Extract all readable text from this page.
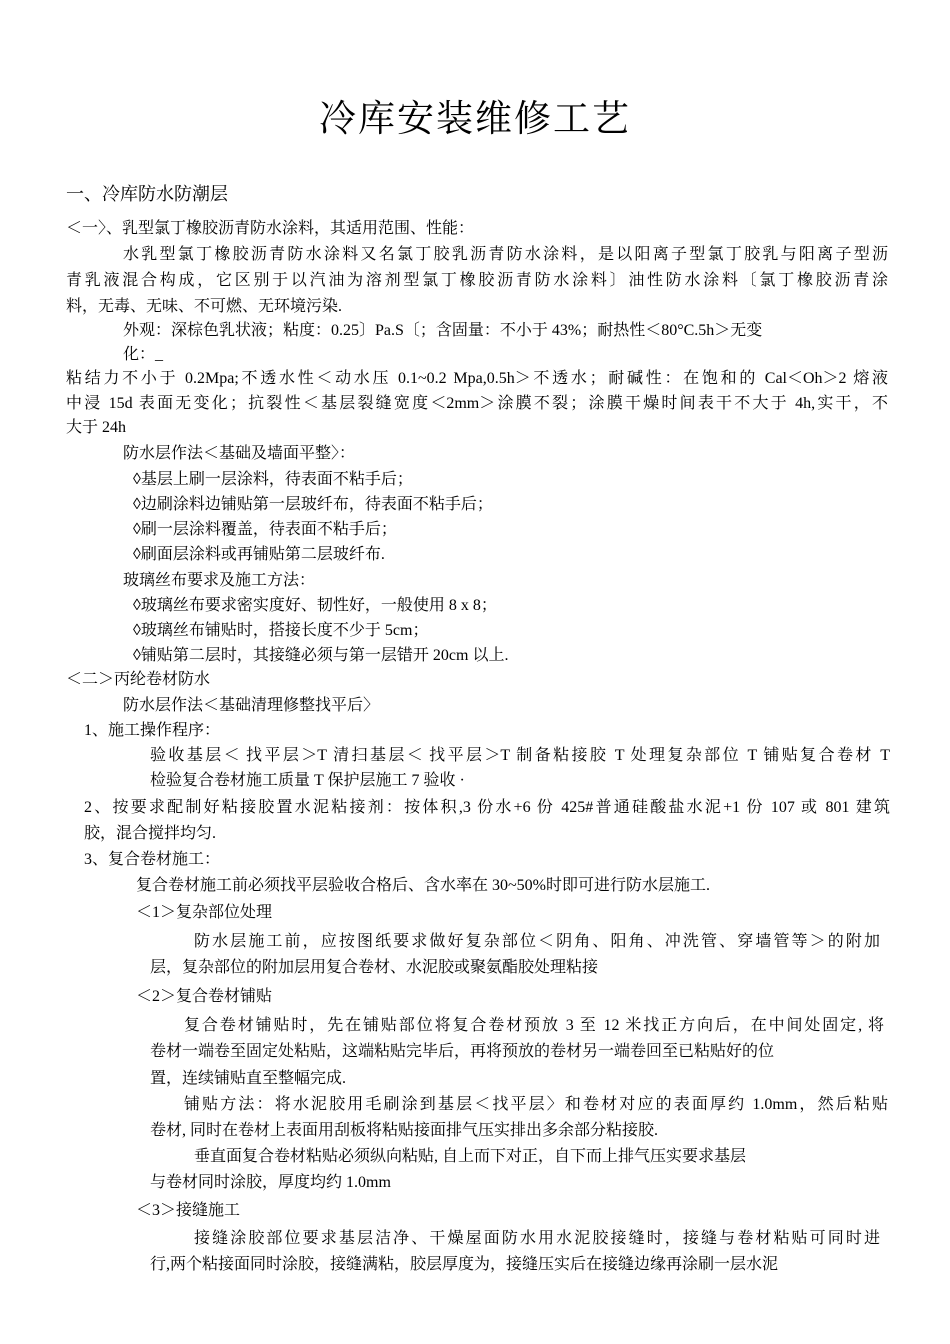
冷库安装维修工艺
一、冷库防水防潮层
＜一〉、乳型氯丁橡胶沥青防水涂料，其适用范围、性能：
水乳型氯丁橡胶沥青防水涂料又名氯丁胶乳沥青防水涂料，是以阳离子型氯丁胶乳与阳离子型沥
青乳液混合构成，它区别于以汽油为溶剂型氯丁橡胶沥青防水涂料〕油性防水涂料〔氯丁橡胶沥青涂
料，无毒、无味、不可燃、无环境污染.
外观：深棕色乳状液；粘度：0.25〕Pa.S〔；含固量：不小于 43%；耐热性＜80°C.5h＞无变
化：_
粘结力不小于 0.2Mpa;不透水性＜动水压 0.1~0.2 Mpa,0.5h＞不透水；耐碱性：在饱和的 Cal＜Oh＞2 熔液
中浸 15d 表面无变化；抗裂性＜基层裂缝宽度＜2mm＞涂膜不裂；涂膜干燥时间表干不大于 4h,实干，不
大于 24h
防水层作法＜基础及墙面平整〉：
◊基层上刷一层涂料，待表面不粘手后；
◊边刷涂料边铺贴第一层玻纤布，待表面不粘手后；
◊刷一层涂料覆盖，待表面不粘手后；
◊刷面层涂料或再铺贴第二层玻纤布.
玻璃丝布要求及施工方法：
◊玻璃丝布要求密实度好、韧性好，一般使用 8 x 8；
◊玻璃丝布铺贴时，搭接长度不少于 5cm；
◊铺贴第二层时，其接缝必须与第一层错开 20cm 以上.
＜二＞丙纶卷材防水
防水层作法＜基础清理修整找平后〉
1、施工操作程序：
验收基层＜ 找平层＞T 清扫基层＜ 找平层＞T 制备粘接胶 T 处理复杂部位 T 铺贴复合卷材 T
检验复合卷材施工质量 T 保护层施工 7 验收 ·
2、按要求配制好粘接胶置水泥粘接剂：按体积,3 份水+6 份 425#普通硅酸盐水泥+1 份 107 或 801 建筑
胶，混合搅拌均匀.
3、复合卷材施工：
复合卷材施工前必须找平层验收合格后、含水率在 30~50%时即可进行防水层施工.
＜1＞复杂部位处理
防水层施工前，应按图纸要求做好复杂部位＜阴角、阳角、冲洗管、穿墙管等＞的附加
层，复杂部位的附加层用复合卷材、水泥胶或聚氨酯胶处理粘接
＜2＞复合卷材铺贴
复合卷材铺贴时，先在铺贴部位将复合卷材预放 3 至 12 米找正方向后，在中间处固定, 将
卷材一端卷至固定处粘贴，这端粘贴完毕后，再将预放的卷材另一端卷回至已粘贴好的位
置，连续铺贴直至整幅完成.
铺贴方法：将水泥胶用毛刷涂到基层＜找平层〉和卷材对应的表面厚约 1.0mm，然后粘贴
卷材, 同时在卷材上表面用刮板将粘贴接面排气压实排出多余部分粘接胶.
垂直面复合卷材粘贴必须纵向粘贴, 自上而下对正，自下而上排气压实要求基层
与卷材同时涂胶，厚度均约 1.0mm
＜3＞接缝施工
接缝涂胶部位要求基层洁净、干燥屋面防水用水泥胶接缝时，接缝与卷材粘贴可同时进
行,两个粘接面同时涂胶，接缝满粘，胶层厚度为，接缝压实后在接缝边缘再涂刷一层水泥
